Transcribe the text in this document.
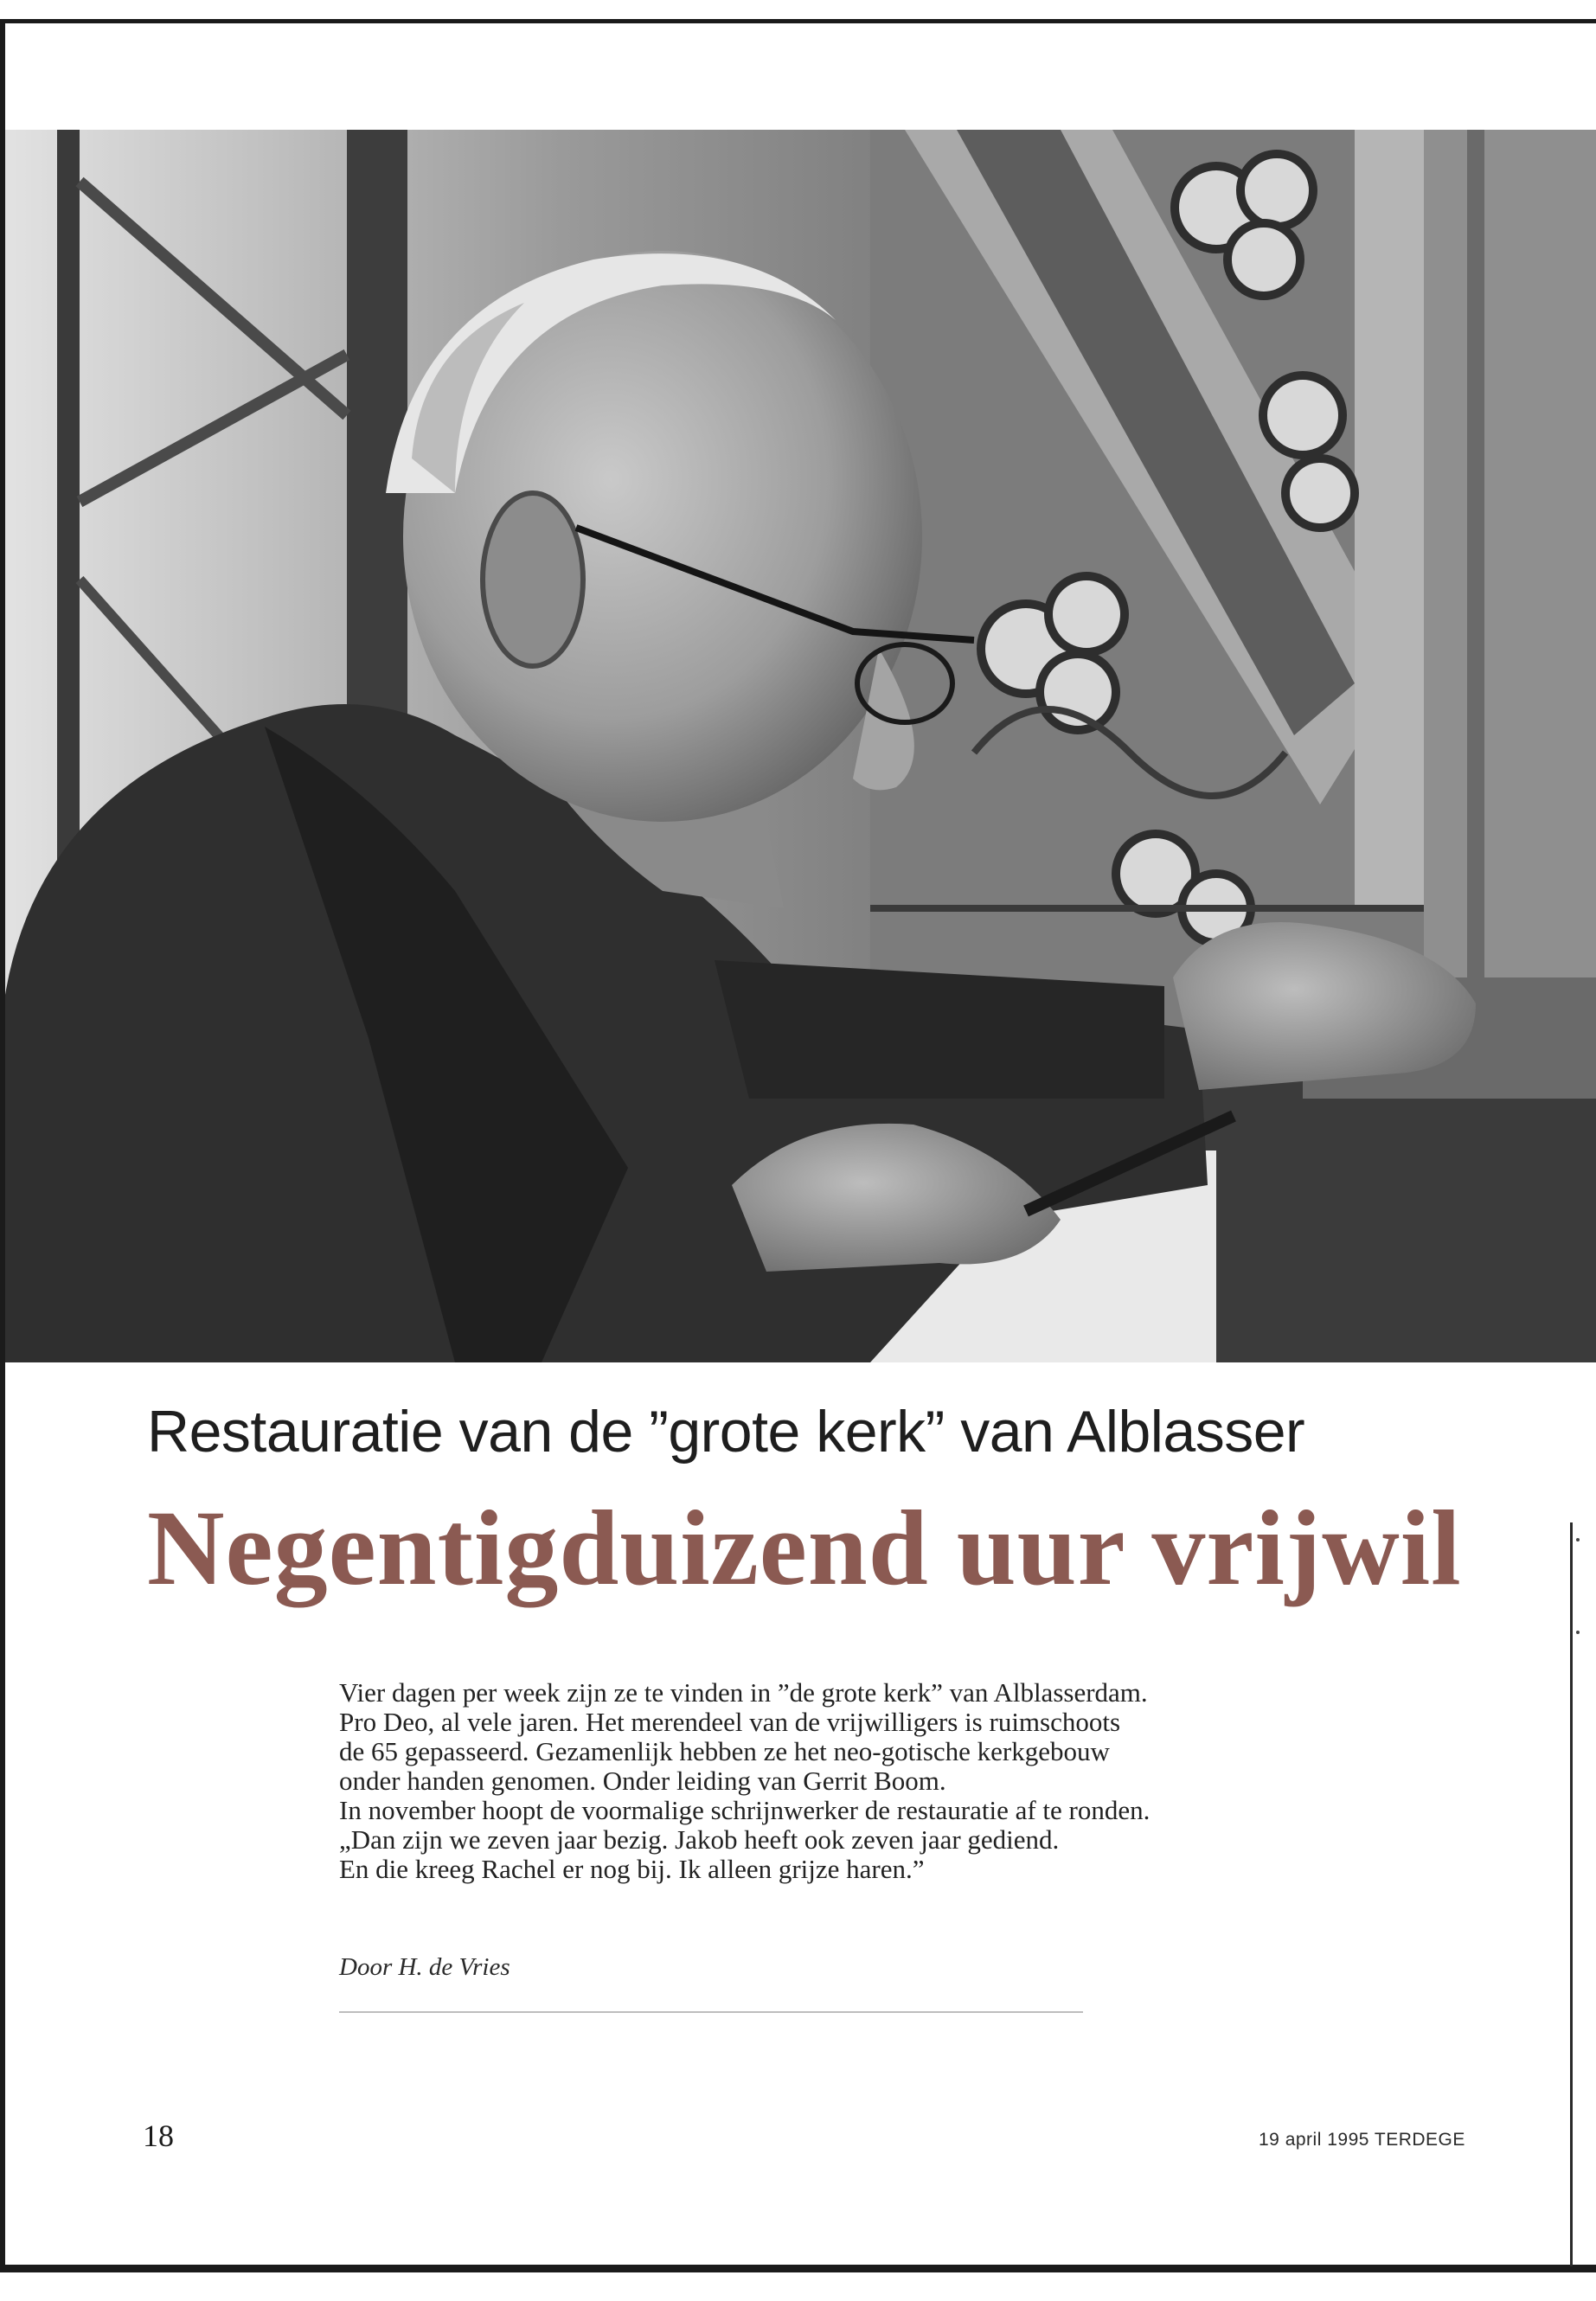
Restauratie van de ”grote kerk” van Alblasser
Negentigduizend uur vrijwil
Vier dagen per week zijn ze te vinden in ”de grote kerk” van Alblasserdam.
Pro Deo, al vele jaren. Het merendeel van de vrijwilligers is ruimschoots
de 65 gepasseerd. Gezamenlijk hebben ze het neo-gotische kerkgebouw
onder handen genomen. Onder leiding van Gerrit Boom.
In november hoopt de voormalige schrijnwerker de restauratie af te ronden.
„Dan zijn we zeven jaar bezig. Jakob heeft ook zeven jaar gediend.
En die kreeg Rachel er nog bij. Ik alleen grijze haren.”
Door H. de Vries
18	19 april 1995 TERDEGE
